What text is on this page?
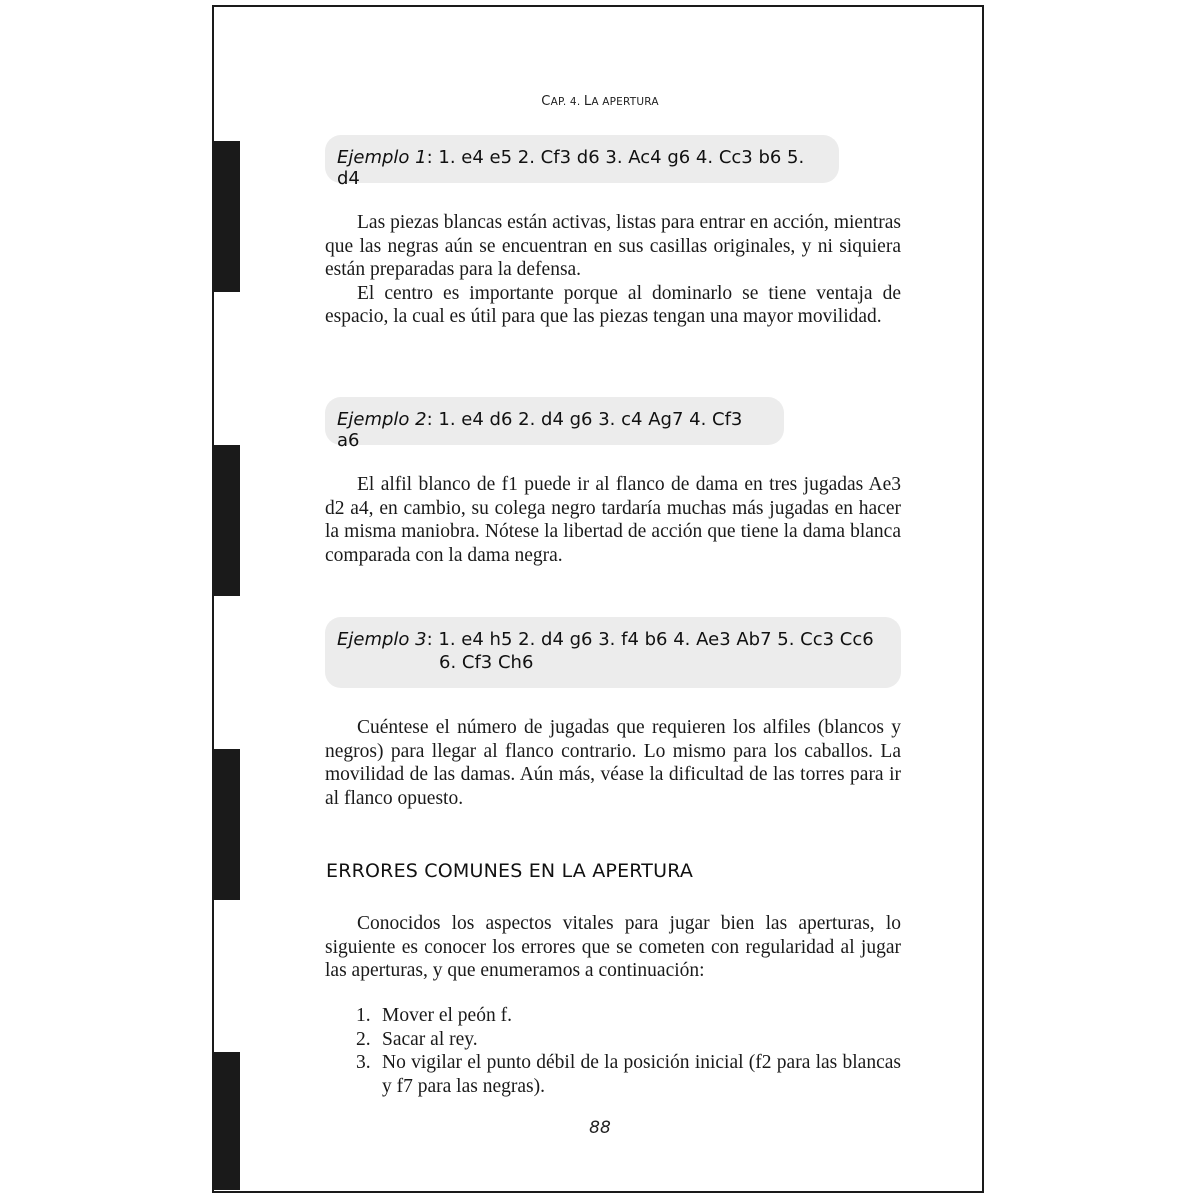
CAP. 4. LA APERTURA
Ejemplo 1: 1. e4 e5 2. Cf3 d6 3. Ac4 g6 4. Cc3 b6 5. d4

Las piezas blancas están activas, listas para entrar en acción, mientras que las negras aún se encuentran en sus casillas originales, y ni siquiera están preparadas para la defensa.

El centro es importante porque al dominarlo se tiene ventaja de espacio, la cual es útil para que las piezas tengan una mayor movilidad.

Ejemplo 2: 1. e4 d6 2. d4 g6 3. c4 Ag7 4. Cf3 a6

El alfil blanco de f1 puede ir al flanco de dama en tres jugadas Ae3 d2 a4, en cambio, su colega negro tardaría muchas más jugadas en hacer la misma maniobra. Nótese la libertad de acción que tiene la dama blanca comparada con la dama negra.

Ejemplo 3: 1. e4 h5 2. d4 g6 3. f4 b6 4. Ae3 Ab7 5. Cc3 Cc6
6. Cf3 Ch6

Cuéntese el número de jugadas que requieren los alfiles (blancos y negros) para llegar al flanco contrario. Lo mismo para los caballos. La movilidad de las damas. Aún más, véase la dificultad de las torres para ir al flanco opuesto.

ERRORES COMUNES EN LA APERTURA

Conocidos los aspectos vitales para jugar bien las aperturas, lo siguiente es conocer los errores que se cometen con regularidad al jugar las aperturas, y que enumeramos a continuación:

1. Mover el peón f.
2. Sacar al rey.
3. No vigilar el punto débil de la posición inicial (f2 para las blancas y f7 para las negras).
88
